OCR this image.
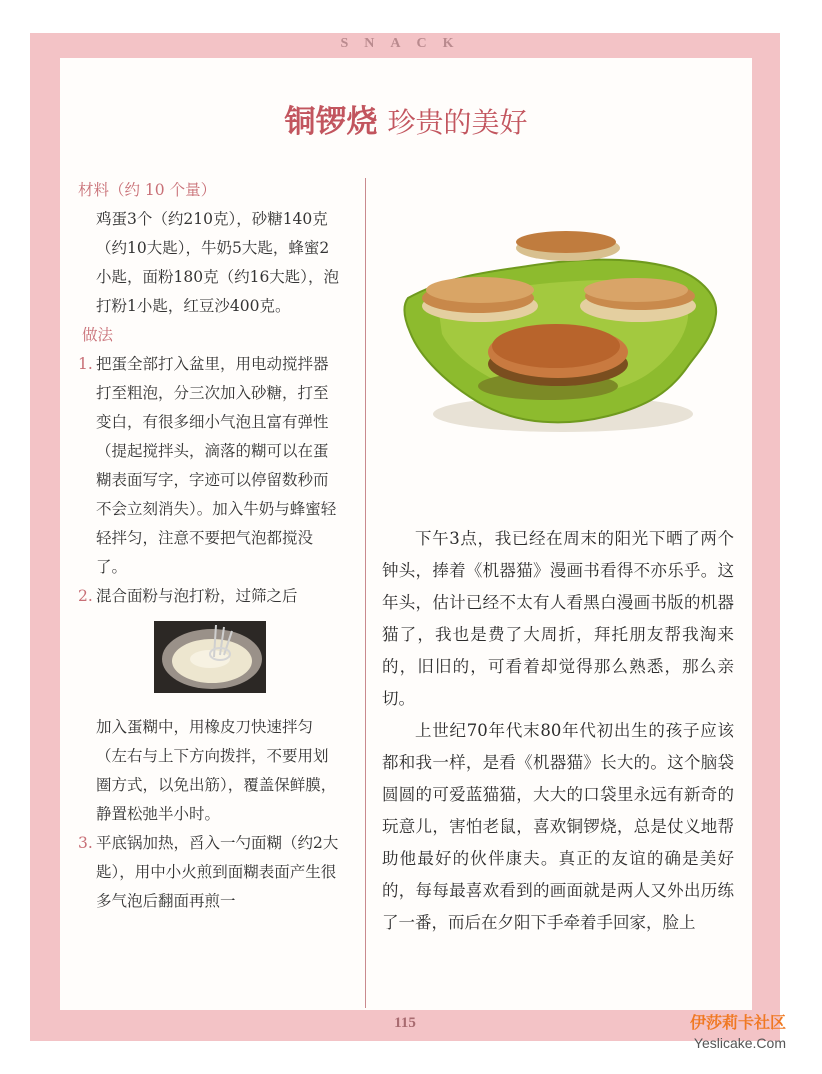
SNACK
铜锣烧 珍贵的美好
材料（约 10 个量）
鸡蛋3个（约210克），砂糖140克（约10大匙），牛奶5大匙，蜂蜜2小匙，面粉180克（约16大匙），泡打粉1小匙，红豆沙400克。
做法
1. 把蛋全部打入盆里，用电动搅拌器打至粗泡，分三次加入砂糖，打至变白，有很多细小气泡且富有弹性（提起搅拌头，滴落的糊可以在蛋糊表面写字，字迹可以停留数秒而不会立刻消失）。加入牛奶与蜂蜜轻轻拌匀，注意不要把气泡都搅没了。
2. 混合面粉与泡打粉，过筛之后
加入蛋糊中，用橡皮刀快速拌匀（左右与上下方向拨拌，不要用划圈方式，以免出筋），覆盖保鲜膜，静置松弛半小时。
3. 平底锅加热，舀入一勺面糊（约2大匙），用中小火煎到面糊表面产生很多气泡后翻面再煎一

下午3点，我已经在周末的阳光下晒了两个钟头，捧着《机器猫》漫画书看得不亦乐乎。这年头，估计已经不太有人看黑白漫画书版的机器猫了，我也是费了大周折，拜托朋友帮我淘来的，旧旧的，可看着却觉得那么熟悉，那么亲切。

上世纪70年代末80年代初出生的孩子应该都和我一样，是看《机器猫》长大的。这个脑袋圆圆的可爱蓝猫猫，大大的口袋里永远有新奇的玩意儿，害怕老鼠，喜欢铜锣烧，总是仗义地帮助他最好的伙伴康夫。真正的友谊的确是美好的，每每最喜欢看到的画面就是两人又外出历练了一番，而后在夕阳下手牵着手回家，脸上

115	伊莎莉卡社区
Yeslicake.Com
